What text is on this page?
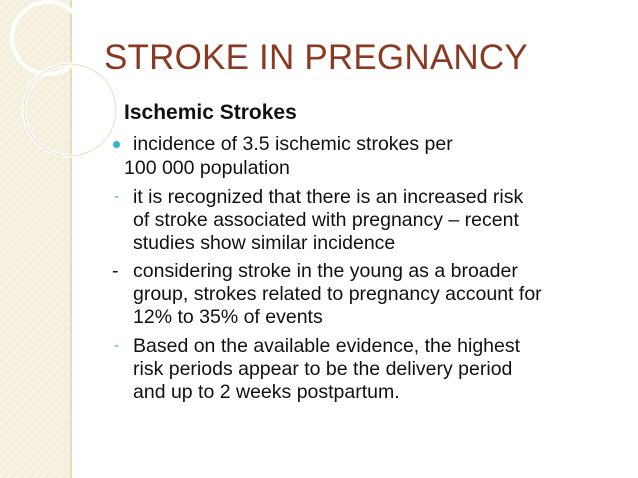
STROKE IN PREGNANCY
Ischemic Strokes
incidence of 3.5 ischemic strokes per
100 000 population
- it is recognized that there is an increased risk
of stroke associated with pregnancy – recent
studies show similar incidence
- considering stroke in the young as a broader
group, strokes related to pregnancy account for
12% to 35% of events
- Based on the available evidence, the highest
risk periods appear to be the delivery period
and up to 2 weeks postpartum.
